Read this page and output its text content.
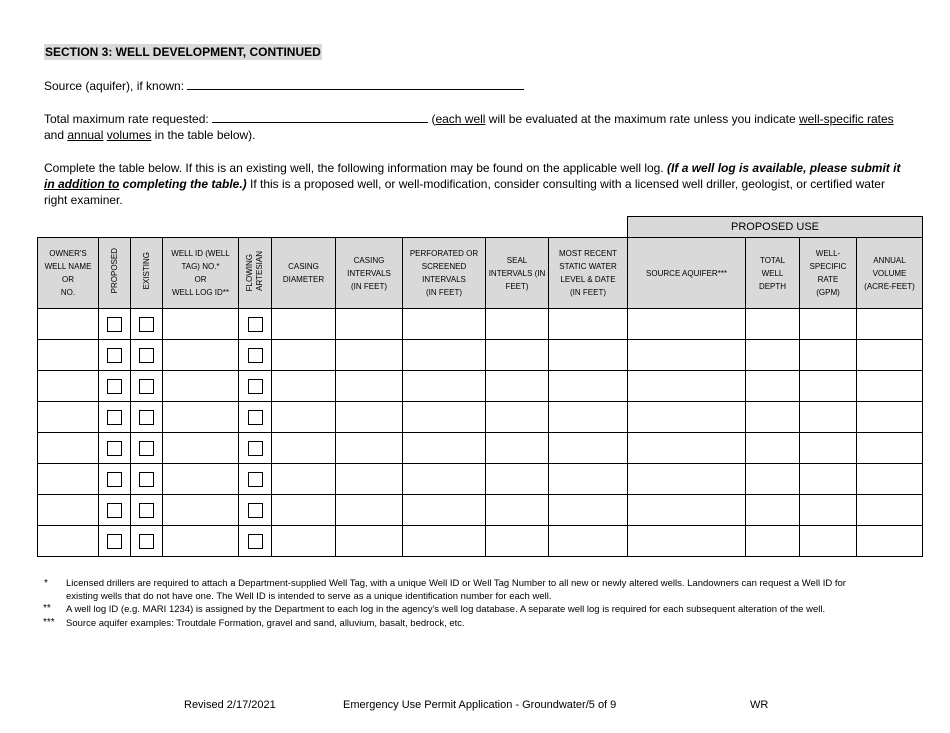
SECTION 3: WELL DEVELOPMENT, CONTINUED
Source (aquifer), if known:
Total maximum rate requested:	(each well will be evaluated at the maximum rate unless you indicate well-specific rates
and annual volumes in the table below).
Complete the table below. If this is an existing well, the following information may be found on the applicable well log. (If a well log is available, please submit it
in addition to completing the table.) If this is a proposed well, or well-modification, consider consulting with a licensed well driller, geologist, or certified water
right examiner.
										PROPOSED USE			
OWNER'S
WELL NAME
OR
NO.	PROPOSED	EXISTING	WELL ID (WELL
TAG) NO.*
OR
WELL LOG ID**	FLOWINGARTESIAN	CASING
DIAMETER	CASING
INTERVALS
(IN FEET)	PERFORATED OR
SCREENED
INTERVALS
(IN FEET)	SEAL
INTERVALS (IN
FEET)	MOST RECENT
STATIC WATER
LEVEL & DATE
(IN FEET)	SOURCE AQUIFER***	TOTAL
WELL
DEPTH	WELL-
SPECIFIC
RATE
(GPM)	ANNUAL
VOLUME
(ACRE-FEET)

* Licensed drillers are required to attach a Department-supplied Well Tag, with a unique Well ID or Well Tag Number to all new or newly altered wells. Landowners can request a Well ID for
existing wells that do not have one. The Well ID is intended to serve as a unique identification number for each well.
** A well log ID (e.g. MARI 1234) is assigned by the Department to each log in the agency's well log database. A separate well log is required for each subsequent alteration of the well.
*** Source aquifer examples: Troutdale Formation, gravel and sand, alluvium, basalt, bedrock, etc.
Revised 2/17/2021	Emergency Use Permit Application - Groundwater/5 of 9	WR
